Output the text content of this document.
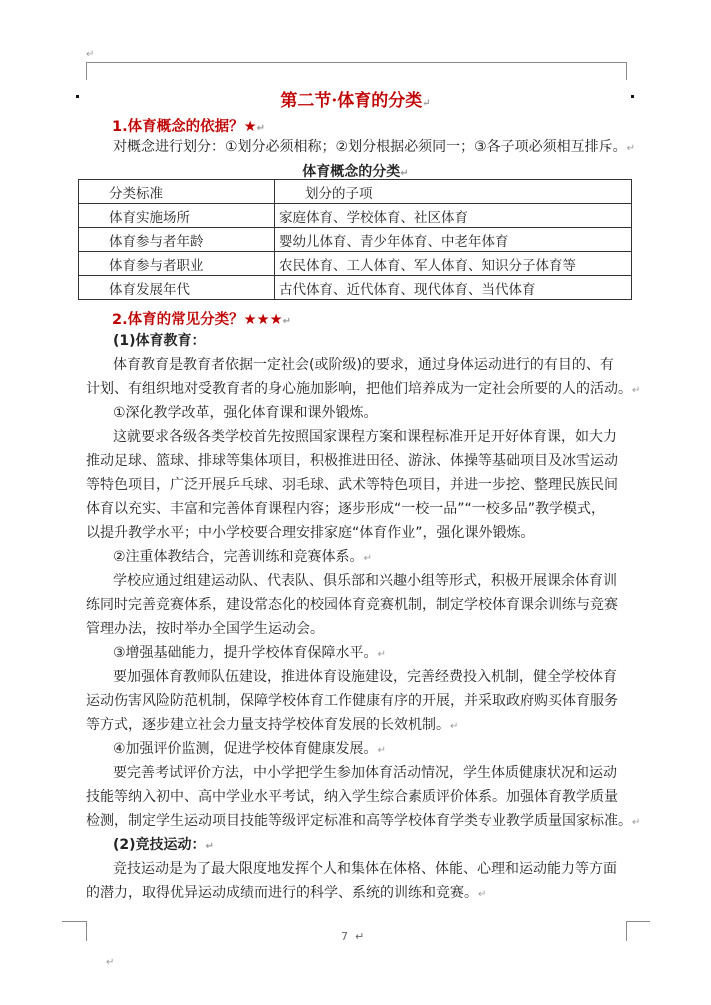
↵
第二节·体育的分类↵
1.体育概念的依据？★↵
对概念进行划分：①划分必须相称；②划分根据必须同一；③各子项必须相互排斥。↵
体育概念的分类↵
分类标准	划分的子项
体育实施场所	家庭体育、学校体育、社区体育
体育参与者年龄	婴幼儿体育、青少年体育、中老年体育
体育参与者职业	农民体育、工人体育、军人体育、知识分子体育等
体育发展年代	古代体育、近代体育、现代体育、当代体育
2.体育的常见分类？★★★↵
(1)体育教育：
体育教育是教育者依据一定社会(或阶级)的要求，通过身体运动进行的有目的、有
计划、有组织地对受教育者的身心施加影响，把他们培养成为一定社会所要的人的活动。↵
①深化教学改革，强化体育课和课外锻炼。
这就要求各级各类学校首先按照国家课程方案和课程标准开足开好体育课，如大力
推动足球、篮球、排球等集体项目，积极推进田径、游泳、体操等基础项目及冰雪运动
等特色项目，广泛开展乒乓球、羽毛球、武术等特色项目，并进一步挖、整理民族民间
体育以充实、丰富和完善体育课程内容；逐步形成“一校一品”“一校多品”教学模式，
以提升教学水平；中小学校要合理安排家庭“体育作业”，强化课外锻炼。
②注重体教结合，完善训练和竞赛体系。↵
学校应通过组建运动队、代表队、俱乐部和兴趣小组等形式，积极开展课余体育训
练同时完善竞赛体系，建设常态化的校园体育竞赛机制，制定学校体育课余训练与竞赛
管理办法，按时举办全国学生运动会。
③增强基础能力，提升学校体育保障水平。↵
要加强体育教师队伍建设，推进体育设施建设，完善经费投入机制，健全学校体育
运动伤害风险防范机制，保障学校体育工作健康有序的开展，并采取政府购买体育服务
等方式，逐步建立社会力量支持学校体育发展的长效机制。↵
④加强评价监测，促进学校体育健康发展。↵
要完善考试评价方法，中小学把学生参加体育活动情况，学生体质健康状况和运动
技能等纳入初中、高中学业水平考试，纳入学生综合素质评价体系。加强体育教学质量
检测，制定学生运动项目技能等级评定标准和高等学校体育学类专业教学质量国家标准。↵
(2)竞技运动：↵
竞技运动是为了最大限度地发挥个人和集体在体格、体能、心理和运动能力等方面
的潜力，取得优异运动成绩而进行的科学、系统的训练和竞赛。↵
7 ↵
↵
